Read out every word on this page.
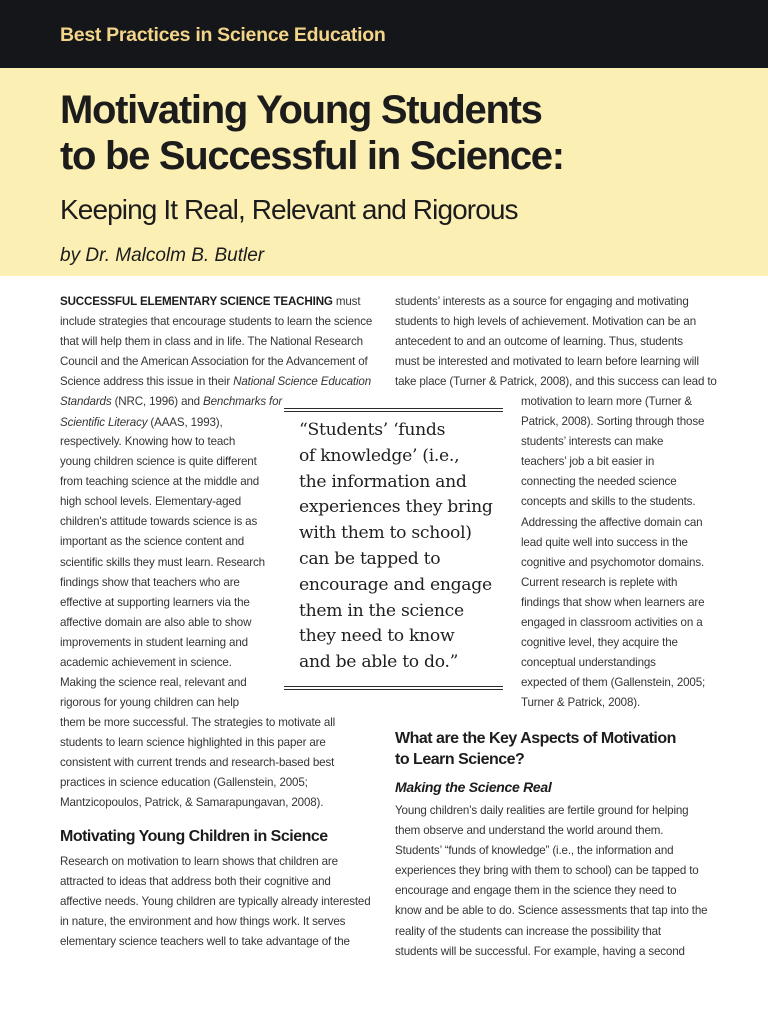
Best Practices in Science Education
Motivating Young Students
to be Successful in Science:
Keeping It Real, Relevant and Rigorous
by Dr. Malcolm B. Butler

SUCCESSFUL ELEMENTARY SCIENCE TEACHING must
include strategies that encourage students to learn the science
that will help them in class and in life. The National Research
Council and the American Association for the Advancement of
Science address this issue in their National Science Education
Standards (NRC, 1996) and Benchmarks for
Scientific Literacy (AAAS, 1993),

respectively. Knowing how to teach
young children science is quite different
from teaching science at the middle and
high school levels. Elementary-aged
children's attitude towards science is as
important as the science content and
scientific skills they must learn. Research
findings show that teachers who are
effective at supporting learners via the
affective domain are also able to show
improvements in student learning and
academic achievement in science.
Making the science real, relevant and
rigorous for young children can help

them be more successful. The strategies to motivate all
students to learn science highlighted in this paper are
consistent with current trends and research-based best
practices in science education (Gallenstein, 2005;
Mantzicopoulos, Patrick, & Samarapungavan, 2008).

Motivating Young Children in Science

Research on motivation to learn shows that children are
attracted to ideas that address both their cognitive and
affective needs. Young children are typically already interested
in nature, the environment and how things work. It serves
elementary science teachers well to take advantage of the

“Students’ ‘funds
of knowledge’ (i.e.,
the information and
experiences they bring
with them to school)
can be tapped to
encourage and engage
them in the science
they need to know
and be able to do.”

students’ interests as a source for engaging and motivating
students to high levels of achievement. Motivation can be an
antecedent to and an outcome of learning. Thus, students
must be interested and motivated to learn before learning will
take place (Turner & Patrick, 2008), and this success can lead to

motivation to learn more (Turner &
Patrick, 2008). Sorting through those
students’ interests can make
teachers’ job a bit easier in
connecting the needed science
concepts and skills to the students.
Addressing the affective domain can
lead quite well into success in the
cognitive and psychomotor domains.
Current research is replete with
findings that show when learners are
engaged in classroom activities on a
cognitive level, they acquire the
conceptual understandings
expected of them (Gallenstein, 2005;
Turner & Patrick, 2008).

What are the Key Aspects of Motivation
to Learn Science?
Making the Science Real

Young children’s daily realities are fertile ground for helping
them observe and understand the world around them.
Students’ “funds of knowledge” (i.e., the information and
experiences they bring with them to school) can be tapped to
encourage and engage them in the science they need to
know and be able to do. Science assessments that tap into the
reality of the students can increase the possibility that
students will be successful. For example, having a second
